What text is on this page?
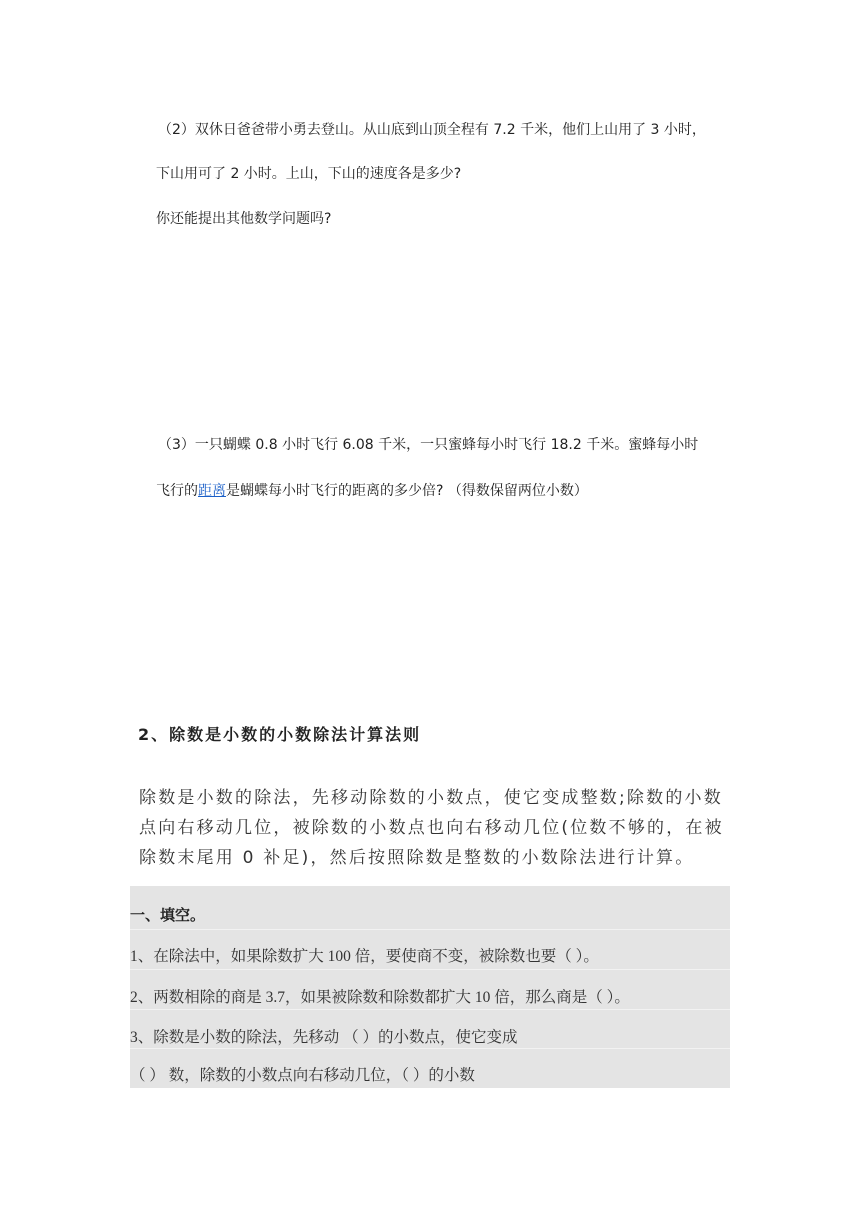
（2）双休日爸爸带小勇去登山。从山底到山顶全程有 7.2 千米，他们上山用了 3 小时，
下山用可了 2 小时。上山，下山的速度各是多少?
你还能提出其他数学问题吗?
（3）一只蝴蝶 0.8 小时飞行 6.08 千米，一只蜜蜂每小时飞行 18.2 千米。蜜蜂每小时
飞行的距离是蝴蝶每小时飞行的距离的多少倍? （得数保留两位小数）
2、除数是小数的小数除法计算法则
除数是小数的除法，先移动除数的小数点，使它变成整数;除数的小数
点向右移动几位，被除数的小数点也向右移动几位(位数不够的，在被
除数末尾用 0 补足)，然后按照除数是整数的小数除法进行计算。
一、填空。
1、在除法中，如果除数扩大 100 倍，要使商不变，被除数也要（ ）。
2、两数相除的商是 3.7，如果被除数和除数都扩大 10 倍，那么商是（ ）。
3、除数是小数的除法，先移动 （ ）的小数点，使它变成
（ ） 数，除数的小数点向右移动几位，（ ）的小数
